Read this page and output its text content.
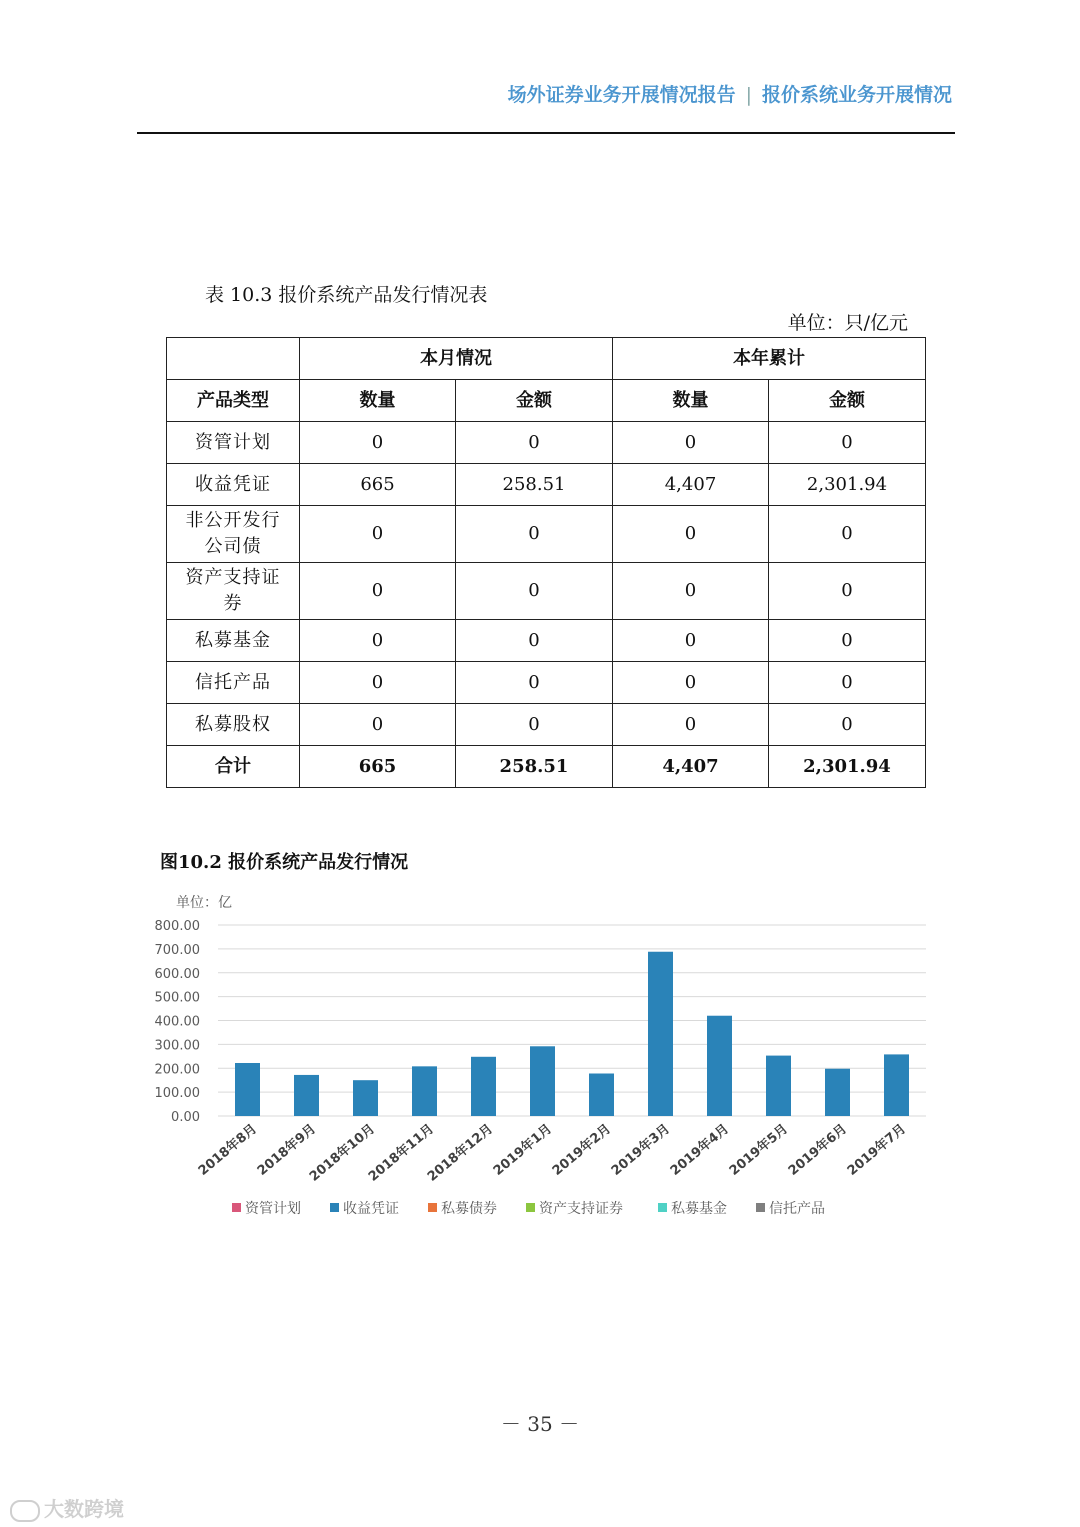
场外证券业务开展情况报告 | 报价系统业务开展情况
表 10.3 报价系统产品发行情况表
单位：只/亿元
	本月情况		本年累计	
产品类型	数量	金额	数量	金额
资管计划	0	0	0	0
收益凭证	665	258.51	4,407	2,301.94
非公开发行公司债	0	0	0	0
资产支持证券	0	0	0	0
私募基金	0	0	0	0
信托产品	0	0	0	0
私募股权	0	0	0	0
合计	665	258.51	4,407	2,301.94
图10.2 报价系统产品发行情况
单位：亿
0.00
100.00
200.00
300.00
400.00
500.00
600.00
700.00
800.00
2018年8月
2018年9月
2018年10月
2018年11月
2018年12月
2019年1月
2019年2月
2019年3月
2019年4月
2019年5月
2019年6月
2019年7月
资管计划	收益凭证	私募债券	资产支持证券	私募基金	信托产品
－ 35 －
大数跨境
